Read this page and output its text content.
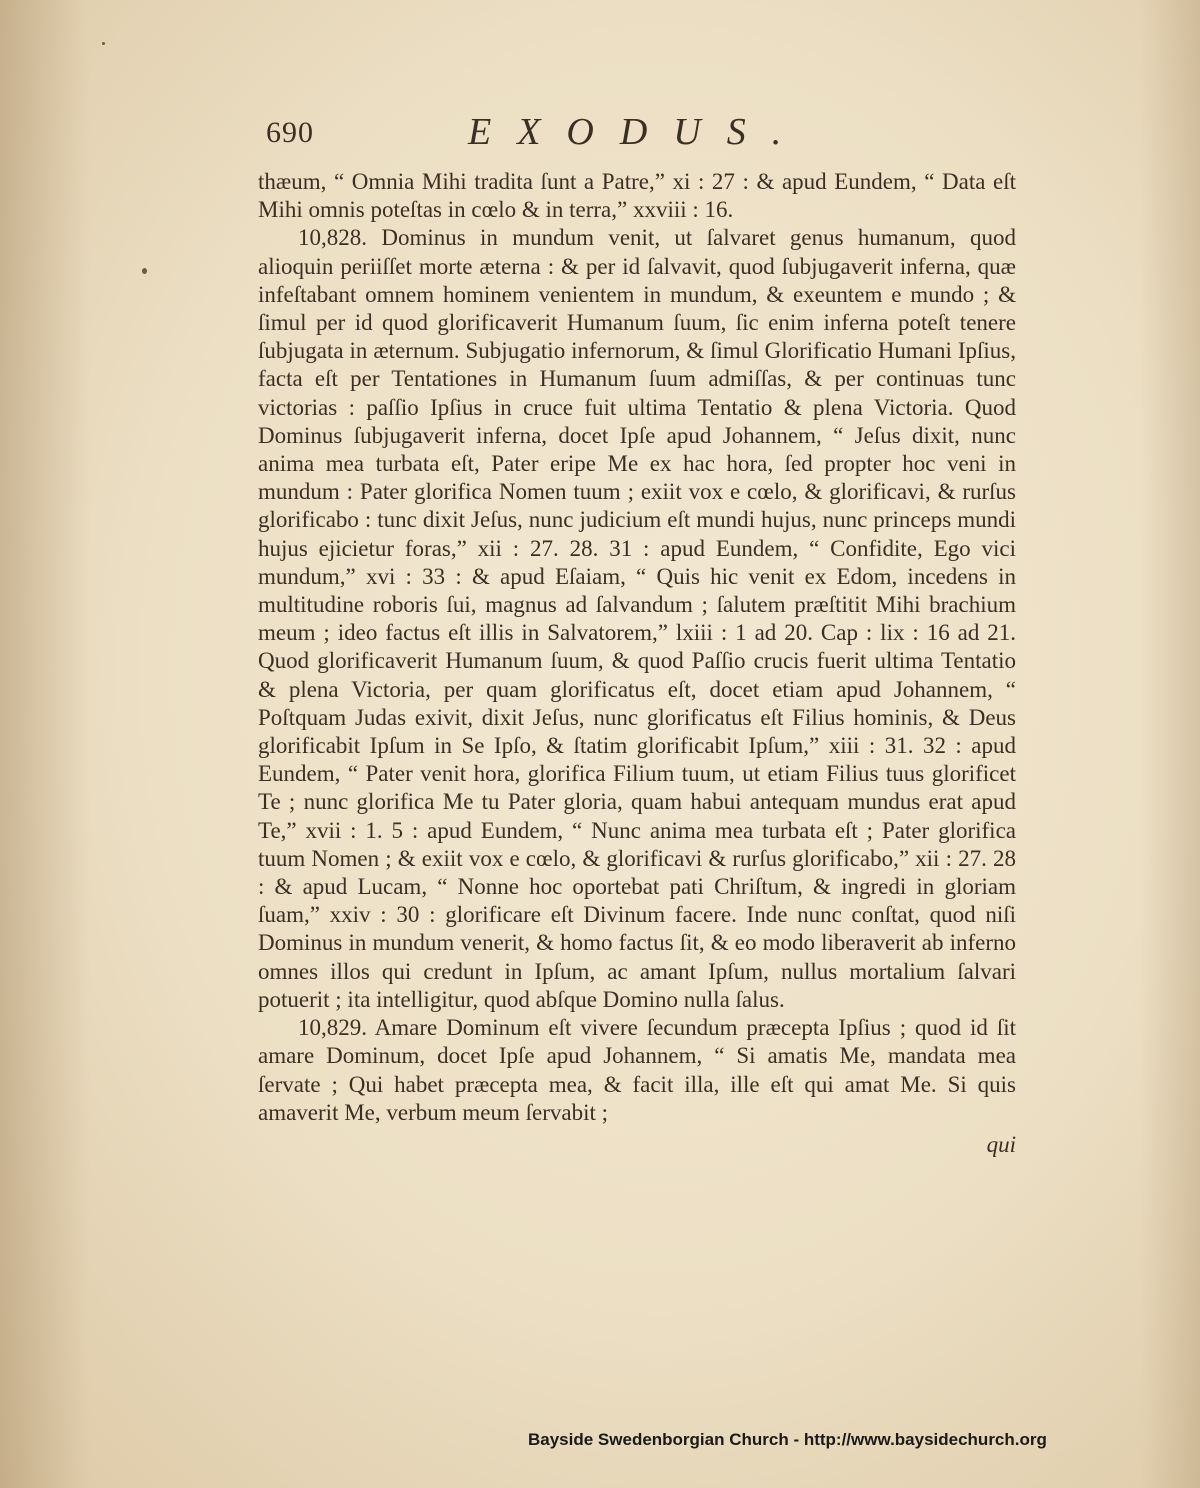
690	EXODUS.

thæum, “ Omnia Mihi tradita ſunt a Patre,” xi : 27 : & apud Eundem, “ Data eſt Mihi omnis poteſtas in cœlo & in terra,” xxviii : 16.

10,828. Dominus in mundum venit, ut ſalvaret genus humanum, quod alioquin periiſſet morte æterna : & per id ſalvavit, quod ſubjugaverit inferna, quæ infeſtabant omnem hominem venientem in mundum, & exeuntem e mundo ; & ſimul per id quod glorificaverit Humanum ſuum, ſic enim inferna poteſt tenere ſubjugata in æternum. Subjugatio infernorum, & ſimul Glorificatio Humani Ipſius, facta eſt per Tentationes in Humanum ſuum admiſſas, & per continuas tunc victorias : paſſio Ipſius in cruce fuit ultima Tentatio & plena Victoria. Quod Dominus ſubjugaverit inferna, docet Ipſe apud Johannem, “ Jeſus dixit, nunc anima mea turbata eſt, Pater eripe Me ex hac hora, ſed propter hoc veni in mundum : Pater glorifica Nomen tuum ; exiit vox e cœlo, & glorificavi, & rurſus glorificabo : tunc dixit Jeſus, nunc judicium eſt mundi hujus, nunc princeps mundi hujus ejicietur foras,” xii : 27. 28. 31 : apud Eundem, “ Confidite, Ego vici mundum,” xvi : 33 : & apud Eſaiam, “ Quis hic venit ex Edom, incedens in multitudine roboris ſui, magnus ad ſalvandum ; ſalutem præſtitit Mihi brachium meum ; ideo factus eſt illis in Salvatorem,” lxiii : 1 ad 20. Cap : lix : 16 ad 21. Quod glorificaverit Humanum ſuum, & quod Paſſio crucis fuerit ultima Tentatio & plena Victoria, per quam glorificatus eſt, docet etiam apud Johannem, “ Poſtquam Judas exivit, dixit Jeſus, nunc glorificatus eſt Filius hominis, & Deus glorificabit Ipſum in Se Ipſo, & ſtatim glorificabit Ipſum,” xiii : 31. 32 : apud Eundem, “ Pater venit hora, glorifica Filium tuum, ut etiam Filius tuus glorificet Te ; nunc glorifica Me tu Pater gloria, quam habui antequam mundus erat apud Te,” xvii : 1. 5 : apud Eundem, “ Nunc anima mea turbata eſt ; Pater glorifica tuum Nomen ; & exiit vox e cœlo, & glorificavi & rurſus glorificabo,” xii : 27. 28 : & apud Lucam, “ Nonne hoc oportebat pati Chriſtum, & ingredi in gloriam ſuam,” xxiv : 30 : glorificare eſt Divinum facere. Inde nunc conſtat, quod niſi Dominus in mundum venerit, & homo factus ſit, & eo modo liberaverit ab inferno omnes illos qui credunt in Ipſum, ac amant Ipſum, nullus mortalium ſalvari potuerit ; ita intelligitur, quod abſque Domino nulla ſalus.

10,829. Amare Dominum eſt vivere ſecundum præcepta Ipſius ; quod id ſit amare Dominum, docet Ipſe apud Johannem, “ Si amatis Me, mandata mea ſervate ; Qui habet præcepta mea, & facit illa, ille eſt qui amat Me. Si quis amaverit Me, verbum meum ſervabit ;

qui

Bayside Swedenborgian Church - http://www.baysidechurch.org
